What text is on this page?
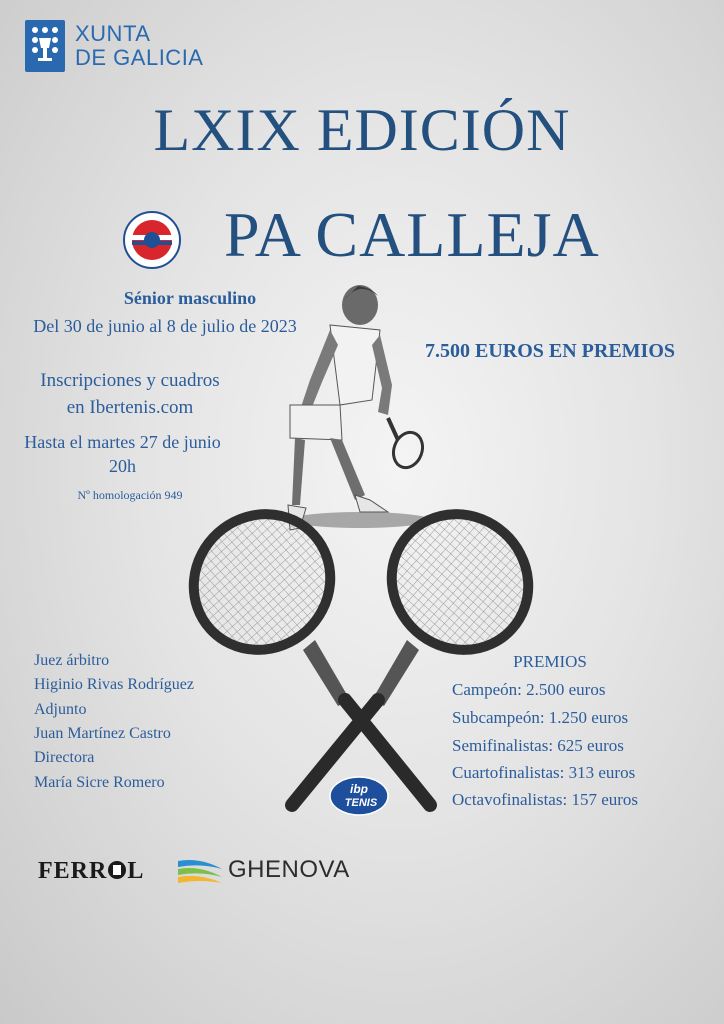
XUNTA
DE GALICIA
LXIX EDICIÓN
PA CALLEJA
Sénior masculino
Del 30 de junio al 8 de julio de 2023
7.500 EUROS EN PREMIOS
Inscripciones y cuadros
en Ibertenis.com
Hasta el martes 27 de junio
20h
Nº homologación 949
Juez árbitro
Higinio Rivas Rodríguez
Adjunto
Juan Martínez Castro
Directora
María Sicre Romero
PREMIOS
Campeón: 2.500 euros
Subcampeón: 1.250 euros
Semifinalistas: 625 euros
Cuartofinalistas: 313 euros
Octavofinalistas: 157 euros
ibp
TENIS
FERR L	GHENOVA
